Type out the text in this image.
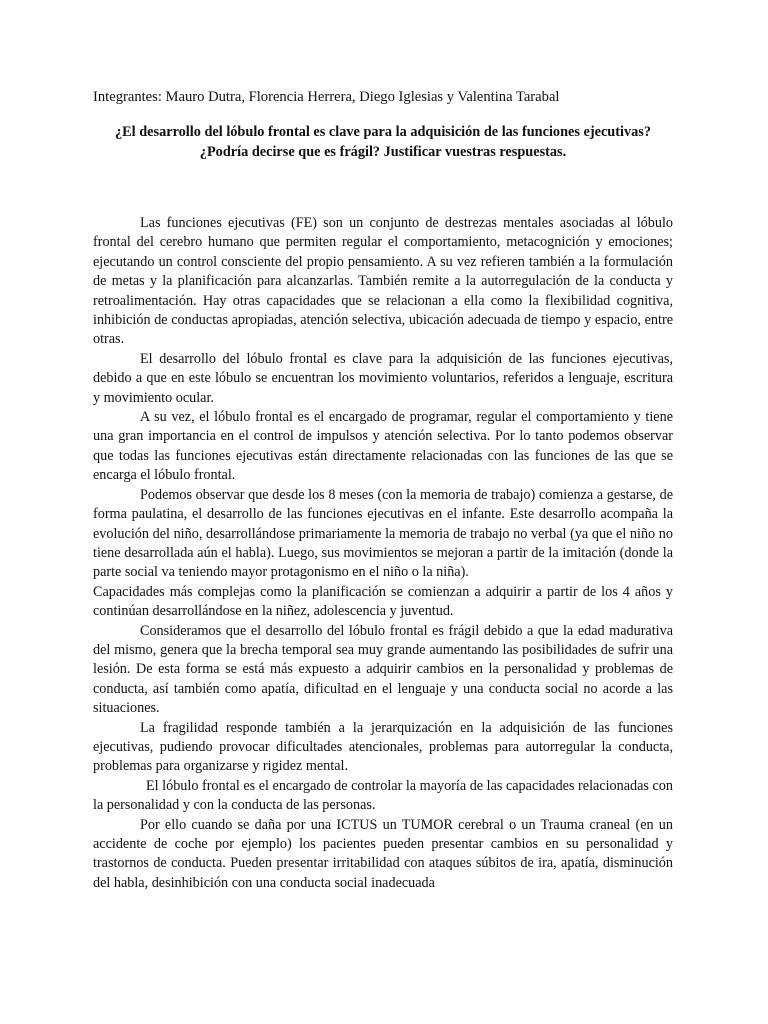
Integrantes: Mauro Dutra, Florencia Herrera, Diego Iglesias y Valentina Tarabal

¿El desarrollo del lóbulo frontal es clave para la adquisición de las funciones ejecutivas?
¿Podría decirse que es frágil? Justificar vuestras respuestas.

Las funciones ejecutivas (FE) son un conjunto de destrezas mentales asociadas al lóbulo frontal del cerebro humano que permiten regular el comportamiento, metacognición y emociones; ejecutando un control consciente del propio pensamiento. A su vez refieren también a la formulación de metas y la planificación para alcanzarlas. También remite a la autorregulación de la conducta y retroalimentación. Hay otras capacidades que se relacionan a ella como la flexibilidad cognitiva, inhibición de conductas apropiadas, atención selectiva, ubicación adecuada de tiempo y espacio, entre otras.

El desarrollo del lóbulo frontal es clave para la adquisición de las funciones ejecutivas, debido a que en este lóbulo se encuentran los movimiento voluntarios, referidos a lenguaje, escritura y movimiento ocular.

A su vez, el lóbulo frontal es el encargado de programar, regular el comportamiento y tiene una gran importancia en el control de impulsos y atención selectiva. Por lo tanto podemos observar que todas las funciones ejecutivas están directamente relacionadas con las funciones de las que se encarga el lóbulo frontal.

Podemos observar que desde los 8 meses (con la memoria de trabajo) comienza a gestarse, de forma paulatina, el desarrollo de las funciones ejecutivas en el infante. Este desarrollo acompaña la evolución del niño, desarrollándose primariamente la memoria de trabajo no verbal (ya que el niño no tiene desarrollada aún el habla). Luego, sus movimientos se mejoran a partir de la imitación (donde la parte social va teniendo mayor protagonismo en el niño o la niña).

Capacidades más complejas como la planificación se comienzan a adquirir a partir de los 4 años y continúan desarrollándose en la niñez, adolescencia y juventud.

Consideramos que el desarrollo del lóbulo frontal es frágil debido a que la edad madurativa del mismo, genera que la brecha temporal sea muy grande aumentando las posibilidades de sufrir una lesión. De esta forma se está más expuesto a adquirir cambios en la personalidad y problemas de conducta, así también como apatía, dificultad en el lenguaje y una conducta social no acorde a las situaciones.

La fragilidad responde también a la jerarquización en la adquisición de las funciones ejecutivas, pudiendo provocar dificultades atencionales, problemas para autorregular la conducta, problemas para organizarse y rigidez mental.

El lóbulo frontal es el encargado de controlar la mayoría de las capacidades relacionadas con la personalidad y con la conducta de las personas.

Por ello cuando se daña por una ICTUS un TUMOR cerebral o un Trauma craneal (en un accidente de coche por ejemplo) los pacientes pueden presentar cambios en su personalidad y trastornos de conducta. Pueden presentar irritabilidad con ataques súbitos de ira, apatía, disminución del habla, desinhibición con una conducta social inadecuada
